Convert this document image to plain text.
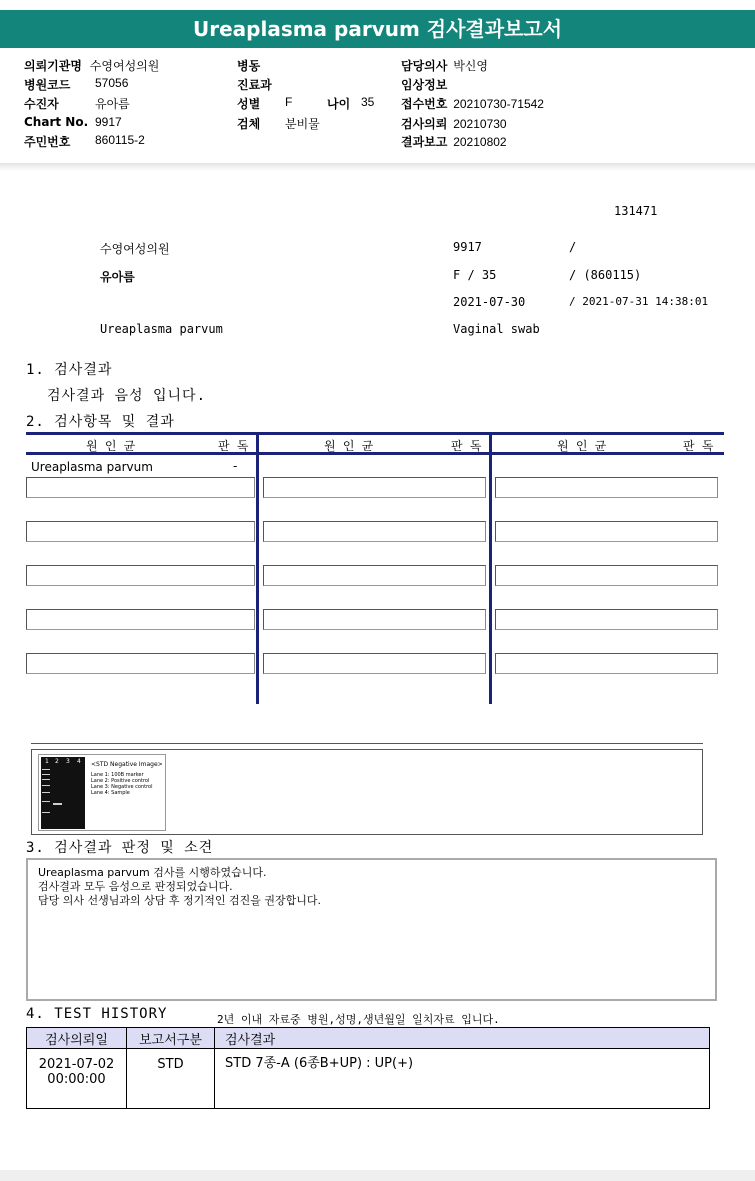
Ureaplasma parvum 검사결과보고서
의뢰기관명 수영여성의원
병원코드 57056
수진자	유아름
Chart No. 9917
주민번호 860115-2
병동
진료과
성별 F	나이 35
검체 분비물
담당의사 박신영
임상정보
접수번호 20210730-71542
검사의뢰 20210730
결과보고 20210802
131471
수영여성의원	9917	/
유아름	F / 35	/ (860115)
2021-07-30	/ 2021-07-31 14:38:01
Ureaplasma parvum	Vaginal swab
1. 검사결과
검사결과 음성 입니다.
2. 검사항목 및 결과
원 인 균	판 독	원 인 균	판 독	원 인 균	판 독
Ureaplasma parvum	-
1 2 3 4 <STD Negative Image>
Lane 1: 100B marker
Lane 2: Positive control
Lane 3: Negative control
Lane 4: Sample
3. 검사결과 판정 및 소견
Ureaplasma parvum 검사를 시행하였습니다.
검사결과 모두 음성으로 판정되었습니다.
담당 의사 선생님과의 상담 후 정기적인 검진을 권장합니다.
4. TEST HISTORY	2년 이내 자료중 병원,성명,생년월일 일치자료 입니다.
검사의뢰일	보고서구분	검사결과

2021-07-02
00:00:00	STD	STD 7종-A (6종B+UP) : UP(+)
